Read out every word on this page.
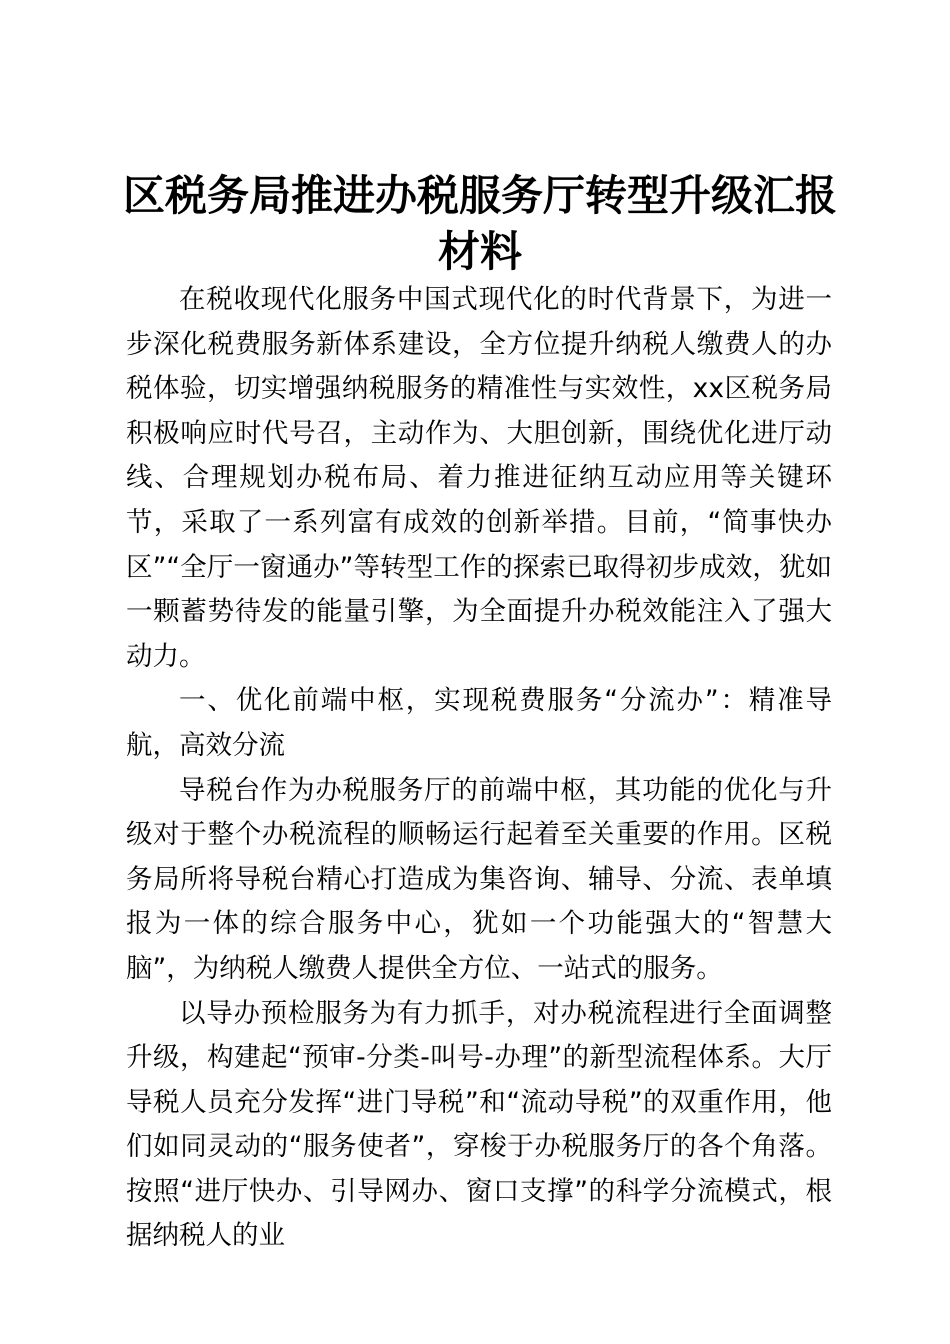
区税务局推进办税服务厅转型升级汇报材料

在税收现代化服务中国式现代化的时代背景下，为进一步深化税费服务新体系建设，全方位提升纳税人缴费人的办税体验，切实增强纳税服务的精准性与实效性，xx区税务局积极响应时代号召，主动作为、大胆创新，围绕优化进厅动线、合理规划办税布局、着力推进征纳互动应用等关键环节，采取了一系列富有成效的创新举措。目前，“简事快办区”“全厅一窗通办”等转型工作的探索已取得初步成效，犹如一颗蓄势待发的能量引擎，为全面提升办税效能注入了强大动力。

一、优化前端中枢，实现税费服务“分流办”：精准导航，高效分流

导税台作为办税服务厅的前端中枢，其功能的优化与升级对于整个办税流程的顺畅运行起着至关重要的作用。区税务局所将导税台精心打造成为集咨询、辅导、分流、表单填报为一体的综合服务中心，犹如一个功能强大的“智慧大脑”，为纳税人缴费人提供全方位、一站式的服务。

以导办预检服务为有力抓手，对办税流程进行全面调整升级，构建起“预审-分类-叫号-办理”的新型流程体系。大厅导税人员充分发挥“进门导税”和“流动导税”的双重作用，他们如同灵动的“服务使者”，穿梭于办税服务厅的各个角落。按照“进厅快办、引导网办、窗口支撑”的科学分流模式，根据纳税人的业
